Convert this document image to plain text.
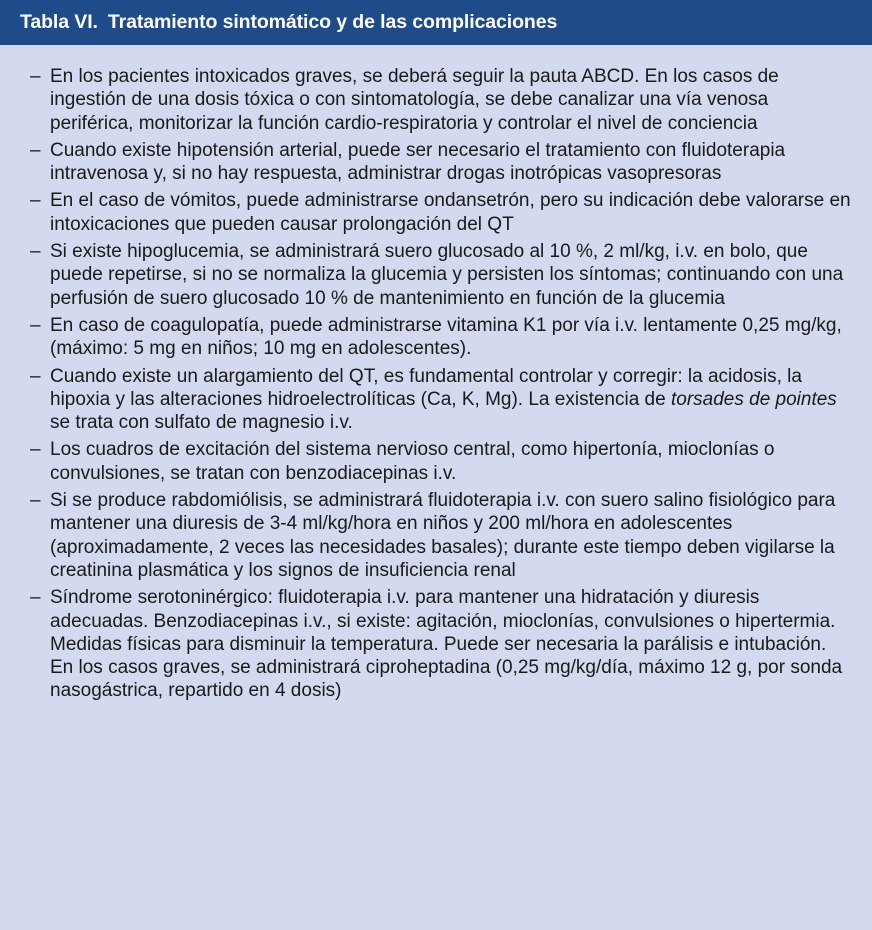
Tabla VI. Tratamiento sintomático y de las complicaciones
– En los pacientes intoxicados graves, se deberá seguir la pauta ABCD. En los casos de ingestión de una dosis tóxica o con sintomatología, se debe canalizar una vía venosa periférica, monitorizar la función cardio-respiratoria y controlar el nivel de conciencia
– Cuando existe hipotensión arterial, puede ser necesario el tratamiento con fluidoterapia intravenosa y, si no hay respuesta, administrar drogas inotrópicas vasopresoras
– En el caso de vómitos, puede administrarse ondansetrón, pero su indicación debe valorarse en intoxicaciones que pueden causar prolongación del QT
– Si existe hipoglucemia, se administrará suero glucosado al 10 %, 2 ml/kg, i.v. en bolo, que puede repetirse, si no se normaliza la glucemia y persisten los síntomas; continuando con una perfusión de suero glucosado 10 % de mantenimiento en función de la glucemia
– En caso de coagulopatía, puede administrarse vitamina K1 por vía i.v. lentamente 0,25 mg/kg, (máximo: 5 mg en niños; 10 mg en adolescentes).
– Cuando existe un alargamiento del QT, es fundamental controlar y corregir: la acidosis, la hipoxia y las alteraciones hidroelectrolíticas (Ca, K, Mg). La existencia de torsades de pointes se trata con sulfato de magnesio i.v.
– Los cuadros de excitación del sistema nervioso central, como hipertonía, mioclonías o convulsiones, se tratan con benzodiacepinas i.v.
– Si se produce rabdomiólisis, se administrará fluidoterapia i.v. con suero salino fisiológico para mantener una diuresis de 3-4 ml/kg/hora en niños y 200 ml/hora en adolescentes (aproximadamente, 2 veces las necesidades basales); durante este tiempo deben vigilarse la creatinina plasmática y los signos de insuficiencia renal
– Síndrome serotoninérgico: fluidoterapia i.v. para mantener una hidratación y diuresis adecuadas. Benzodiacepinas i.v., si existe: agitación, mioclonías, convulsiones o hipertermia. Medidas físicas para disminuir la temperatura. Puede ser necesaria la parálisis e intubación. En los casos graves, se administrará ciproheptadina (0,25 mg/kg/día, máximo 12 g, por sonda nasogástrica, repartido en 4 dosis)
